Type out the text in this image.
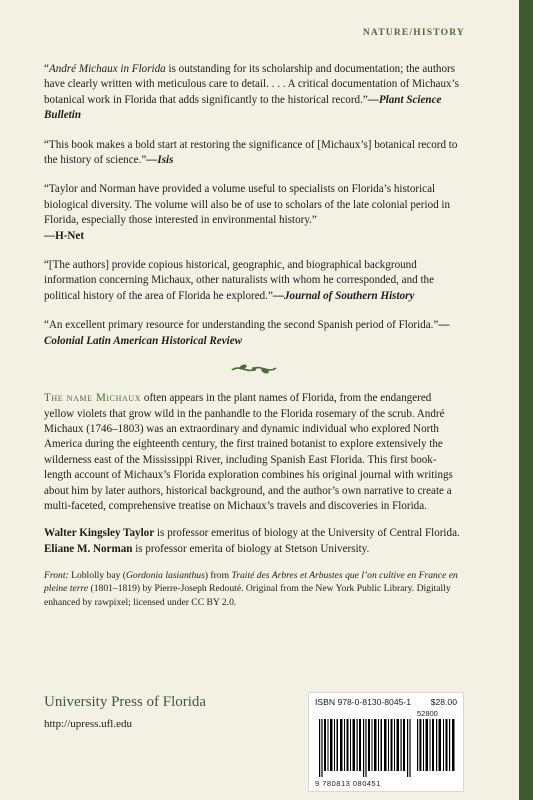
NATURE/HISTORY

“André Michaux in Florida is outstanding for its scholarship and documentation; the authors have clearly written with meticulous care to detail. . . . A critical documentation of Michaux’s botanical work in Florida that adds significantly to the historical record.”—Plant Science Bulletin

“This book makes a bold start at restoring the significance of [Michaux’s] botanical record to the history of science.”—Isis

“Taylor and Norman have provided a volume useful to specialists on Florida’s historical biological diversity. The volume will also be of use to scholars of the late colonial period in Florida, especially those interested in environmental history.”
—H-Net

“[The authors] provide copious historical, geographic, and biographical background information concerning Michaux, other naturalists with whom he corresponded, and the political history of the area of Florida he explored.”—Journal of Southern History

“An excellent primary resource for understanding the second Spanish period of Florida.”—Colonial Latin American Historical Review

The name Michaux often appears in the plant names of Florida, from the endangered yellow violets that grow wild in the panhandle to the Florida rosemary of the scrub. André Michaux (1746–1803) was an extraordinary and dynamic individual who explored North America during the eighteenth century, the first trained botanist to explore extensively the wilderness east of the Mississippi River, including Spanish East Florida. This first book-length account of Michaux’s Florida exploration combines his original journal with writings about him by later authors, historical background, and the author’s own narrative to create a multi-faceted, comprehensive treatise on Michaux’s travels and discoveries in Florida.

Walter Kingsley Taylor is professor emeritus of biology at the University of Central Florida. Eliane M. Norman is professor emerita of biology at Stetson University.

Front: Loblolly bay (Gordonia lasianthus) from Traité des Arbres et Arbustes que l’on cultive en France en pleine terre (1801–1819) by Pierre-Joseph Redouté. Original from the New York Public Library. Digitally enhanced by rawpixel; licensed under CC BY 2.0.

University Press of Florida
http://upress.ufl.edu
ISBN 978-0-8130-8045-1 $28.00
52800
9 780813 080451
